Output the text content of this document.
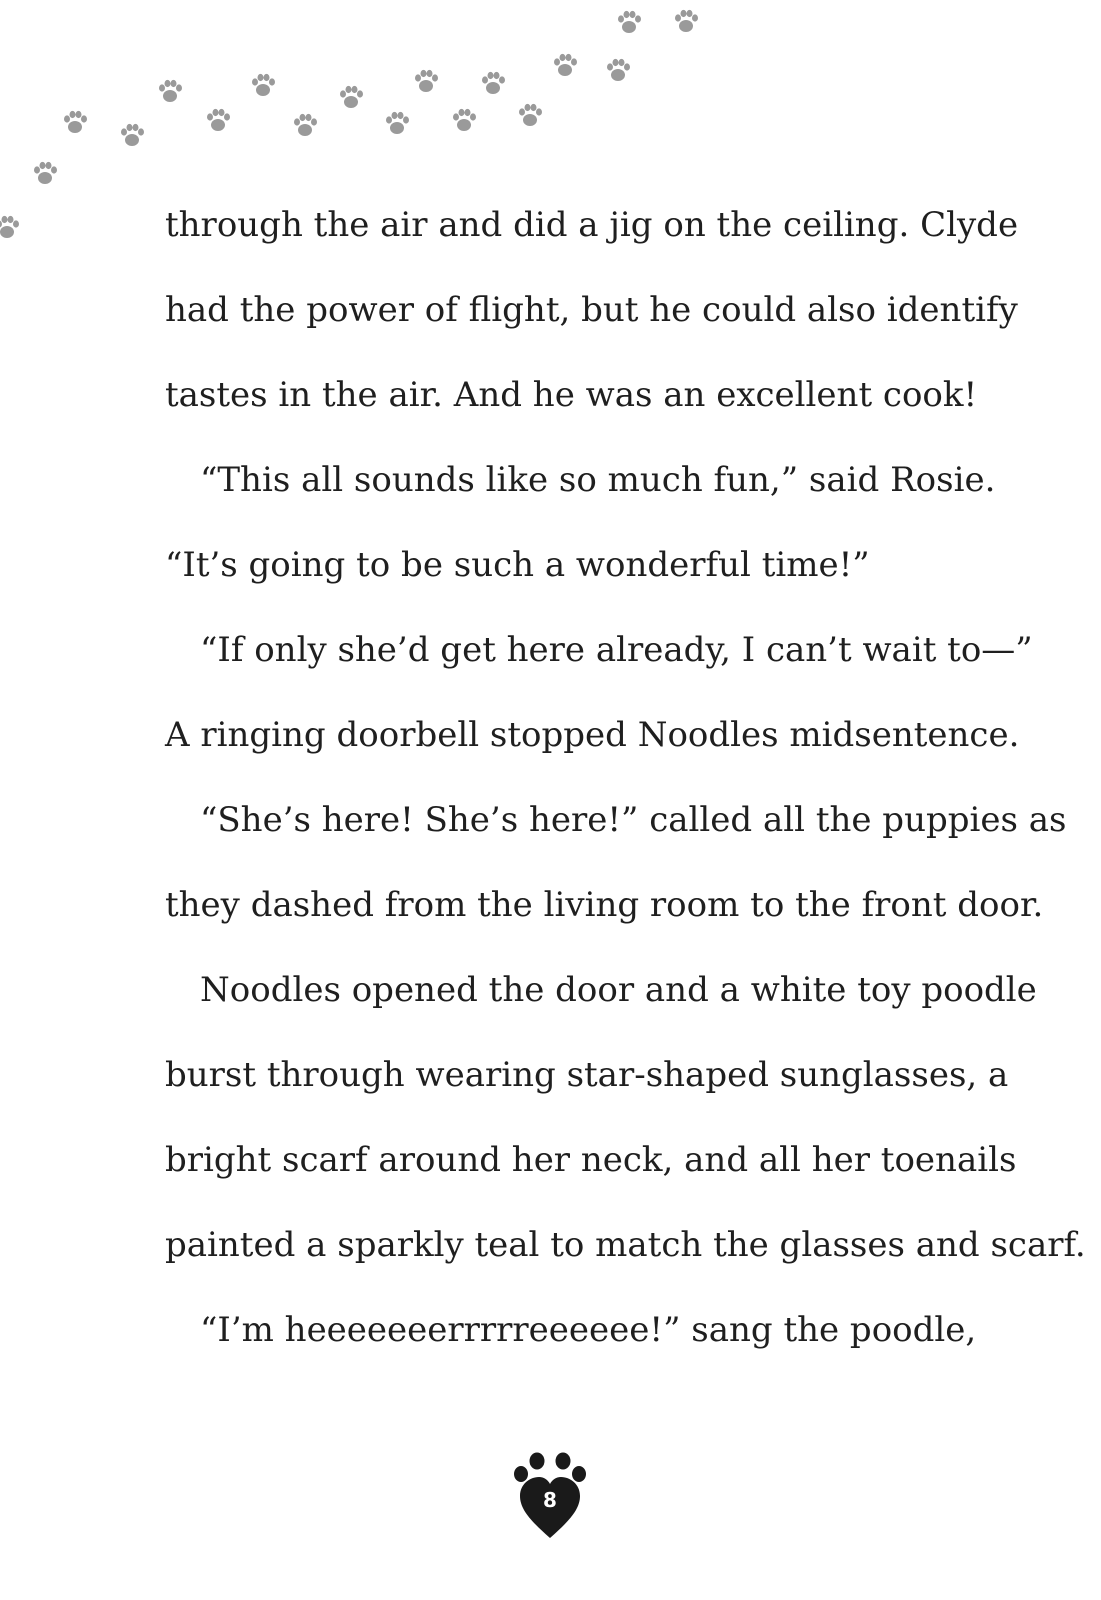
through the air and did a jig on the ceiling. Clyde
had the power of flight, but he could also identify
tastes in the air. And he was an excellent cook!
“This all sounds like so much fun,” said Rosie.
“It’s going to be such a wonderful time!”
“If only she’d get here already, I can’t wait to—”
A ringing doorbell stopped Noodles midsentence.
“She’s here! She’s here!” called all the puppies as
they dashed from the living room to the front door.
Noodles opened the door and a white toy poodle
burst through wearing star-shaped sunglasses, a
bright scarf around her neck, and all her toenails
painted a sparkly teal to match the glasses and scarf.
“I’m heeeeeeerrrrreeeeee!” sang the poodle,
8
